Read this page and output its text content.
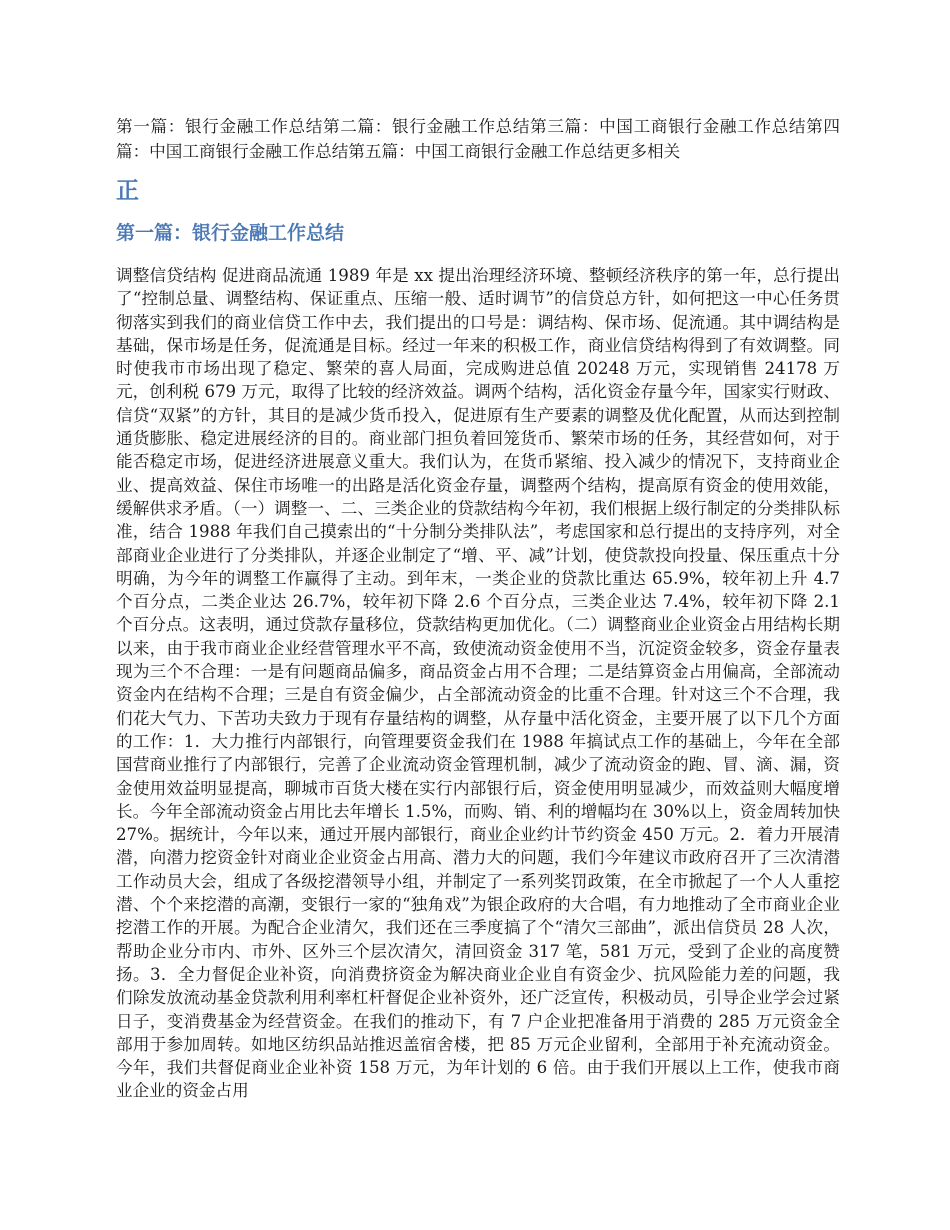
第一篇：银行金融工作总结第二篇：银行金融工作总结第三篇：中国工商银行金融工作总结第四篇：中国工商银行金融工作总结第五篇：中国工商银行金融工作总结更多相关

正
第一篇：银行金融工作总结

调整信贷结构 促进商品流通 1989 年是 xx 提出治理经济环境、整顿经济秩序的第一年，总行提出了“控制总量、调整结构、保证重点、压缩一般、适时调节”的信贷总方针，如何把这一中心任务贯彻落实到我们的商业信贷工作中去，我们提出的口号是：调结构、保市场、促流通。其中调结构是基础，保市场是任务，促流通是目标。经过一年来的积极工作，商业信贷结构得到了有效调整。同时使我市市场出现了稳定、繁荣的喜人局面，完成购进总值 20248 万元，实现销售 24178 万元，创利税 679 万元，取得了比较的经济效益。调两个结构，活化资金存量今年，国家实行财政、信贷“双紧”的方针，其目的是减少货币投入，促进原有生产要素的调整及优化配置，从而达到控制通货膨胀、稳定进展经济的目的。商业部门担负着回笼货币、繁荣市场的任务，其经营如何，对于能否稳定市场，促进经济进展意义重大。我们认为，在货币紧缩、投入减少的情况下，支持商业企业、提高效益、保住市场唯一的出路是活化资金存量，调整两个结构，提高原有资金的使用效能，缓解供求矛盾。（一）调整一、二、三类企业的贷款结构今年初，我们根据上级行制定的分类排队标准，结合 1988 年我们自己摸索出的“十分制分类排队法”，考虑国家和总行提出的支持序列，对全部商业企业进行了分类排队，并逐企业制定了“增、平、减”计划，使贷款投向投量、保压重点十分明确，为今年的调整工作赢得了主动。到年末，一类企业的贷款比重达 65.9%，较年初上升 4.7 个百分点，二类企业达 26.7%，较年初下降 2.6 个百分点，三类企业达 7.4%，较年初下降 2.1 个百分点。这表明，通过贷款存量移位，贷款结构更加优化。（二）调整商业企业资金占用结构长期以来，由于我市商业企业经营管理水平不高，致使流动资金使用不当，沉淀资金较多，资金存量表现为三个不合理：一是有问题商品偏多，商品资金占用不合理；二是结算资金占用偏高，全部流动资金内在结构不合理；三是自有资金偏少，占全部流动资金的比重不合理。针对这三个不合理，我们花大气力、下苦功夫致力于现有存量结构的调整，从存量中活化资金，主要开展了以下几个方面的工作：1．大力推行内部银行，向管理要资金我们在 1988 年搞试点工作的基础上，今年在全部国营商业推行了内部银行，完善了企业流动资金管理机制，减少了流动资金的跑、冒、滴、漏，资金使用效益明显提高，聊城市百货大楼在实行内部银行后，资金使用明显减少，而效益则大幅度增长。今年全部流动资金占用比去年增长 1.5%，而购、销、利的增幅均在 30%以上，资金周转加快 27%。据统计，今年以来，通过开展内部银行，商业企业约计节约资金 450 万元。2．着力开展清潜，向潜力挖资金针对商业企业资金占用高、潜力大的问题，我们今年建议市政府召开了三次清潜工作动员大会，组成了各级挖潜领导小组，并制定了一系列奖罚政策，在全市掀起了一个人人重挖潜、个个来挖潜的高潮，变银行一家的“独角戏”为银企政府的大合唱，有力地推动了全市商业企业挖潜工作的开展。为配合企业清欠，我们还在三季度搞了个“清欠三部曲”，派出信贷员 28 人次，帮助企业分市内、市外、区外三个层次清欠，清回资金 317 笔，581 万元，受到了企业的高度赞扬。3．全力督促企业补资，向消费挤资金为解决商业企业自有资金少、抗风险能力差的问题，我们除发放流动基金贷款利用利率杠杆督促企业补资外，还广泛宣传，积极动员，引导企业学会过紧日子，变消费基金为经营资金。在我们的推动下，有 7 户企业把准备用于消费的 285 万元资金全部用于参加周转。如地区纺织品站推迟盖宿舍楼，把 85 万元企业留利，全部用于补充流动资金。今年，我们共督促商业企业补资 158 万元，为年计划的 6 倍。由于我们开展以上工作，使我市商业企业的资金占用
